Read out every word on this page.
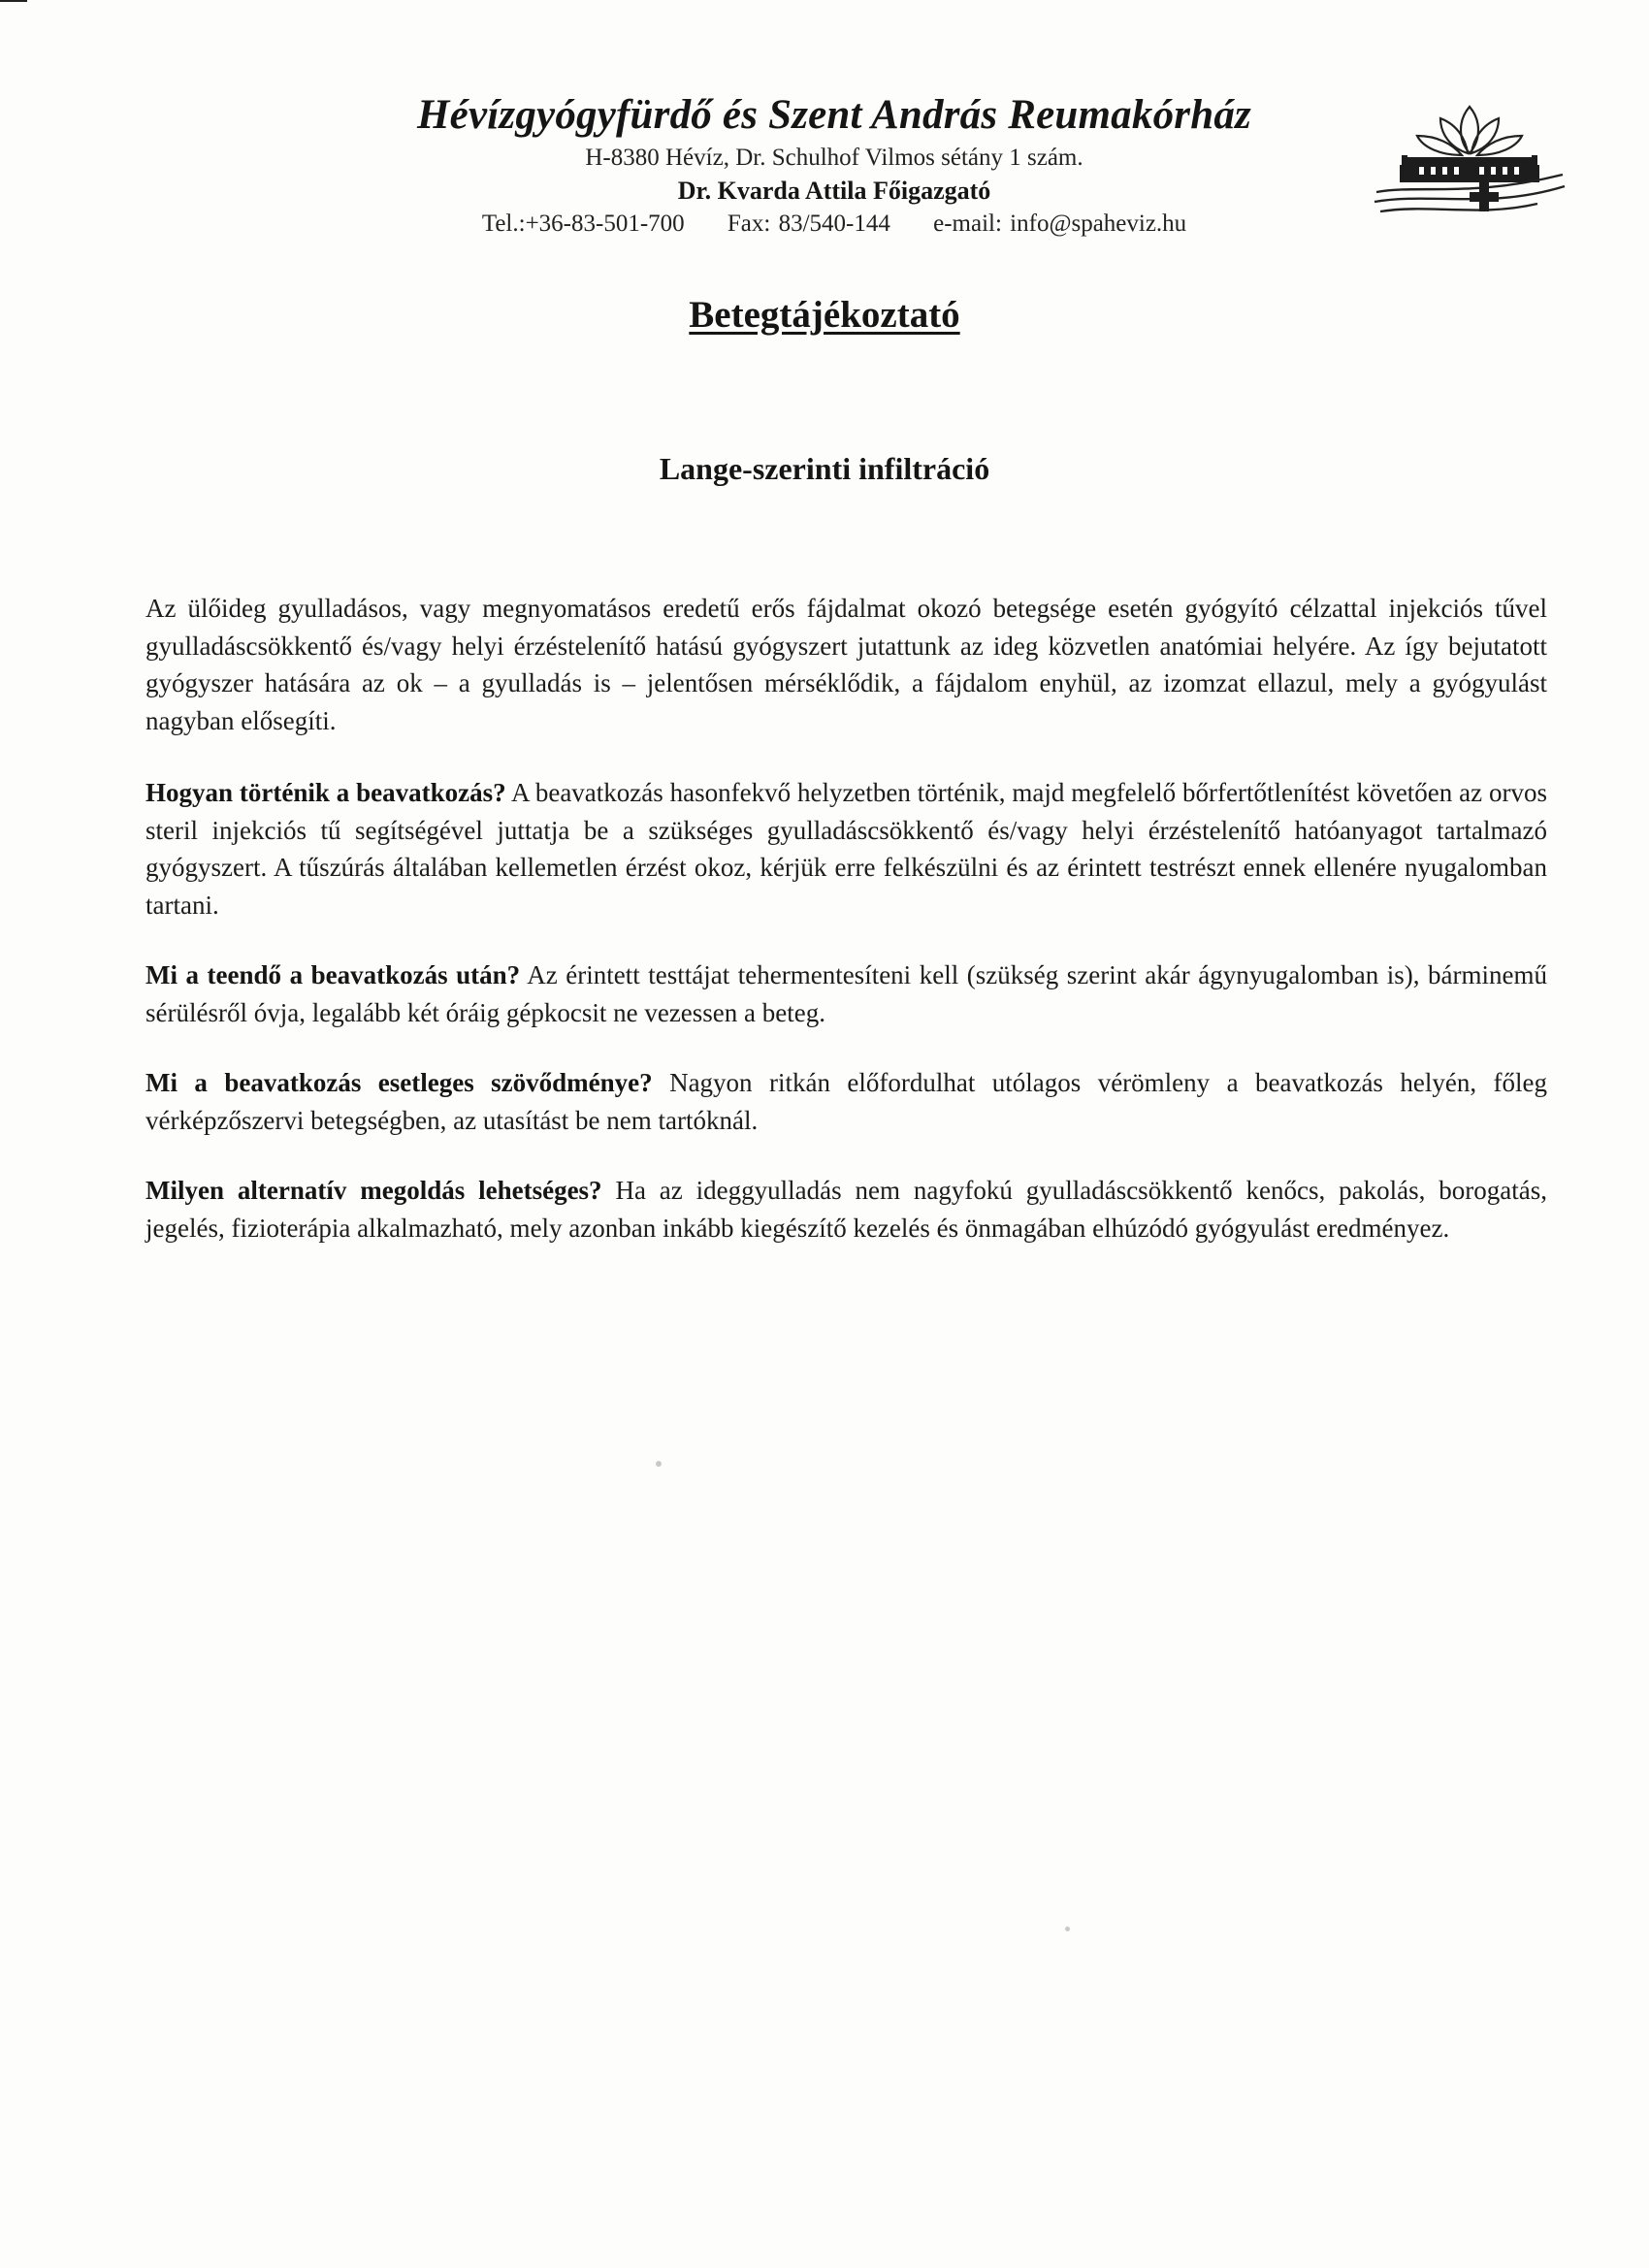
Hévízgyógyfürdő és Szent András Reumakórház
H-8380 Hévíz, Dr. Schulhof Vilmos sétány 1 szám.
Dr. Kvarda Attila Főigazgató
Tel.:+36-83-501-700 Fax: 83/540-144 e-mail: info@spaheviz.hu
Betegtájékoztató
Lange-szerinti infiltráció

Az ülőideg gyulladásos, vagy megnyomatásos eredetű erős fájdalmat okozó betegsége esetén gyógyító célzattal injekciós tűvel gyulladáscsökkentő és/vagy helyi érzéstelenítő hatású gyógyszert jutattunk az ideg közvetlen anatómiai helyére. Az így bejutatott gyógyszer hatására az ok – a gyulladás is – jelentősen mérséklődik, a fájdalom enyhül, az izomzat ellazul, mely a gyógyulást nagyban elősegíti.

Hogyan történik a beavatkozás? A beavatkozás hasonfekvő helyzetben történik, majd megfelelő bőrfertőtlenítést követően az orvos steril injekciós tű segítségével juttatja be a szükséges gyulladáscsökkentő és/vagy helyi érzéstelenítő hatóanyagot tartalmazó gyógyszert. A tűszúrás általában kellemetlen érzést okoz, kérjük erre felkészülni és az érintett testrészt ennek ellenére nyugalomban tartani.

Mi a teendő a beavatkozás után? Az érintett testtájat tehermentesíteni kell (szükség szerint akár ágynyugalomban is), bárminemű sérülésről óvja, legalább két óráig gépkocsit ne vezessen a beteg.

Mi a beavatkozás esetleges szövődménye? Nagyon ritkán előfordulhat utólagos vérömleny a beavatkozás helyén, főleg vérképzőszervi betegségben, az utasítást be nem tartóknál.

Milyen alternatív megoldás lehetséges? Ha az ideggyulladás nem nagyfokú gyulladáscsökkentő kenőcs, pakolás, borogatás, jegelés, fizioterápia alkalmazható, mely azonban inkább kiegészítő kezelés és önmagában elhúzódó gyógyulást eredményez.
